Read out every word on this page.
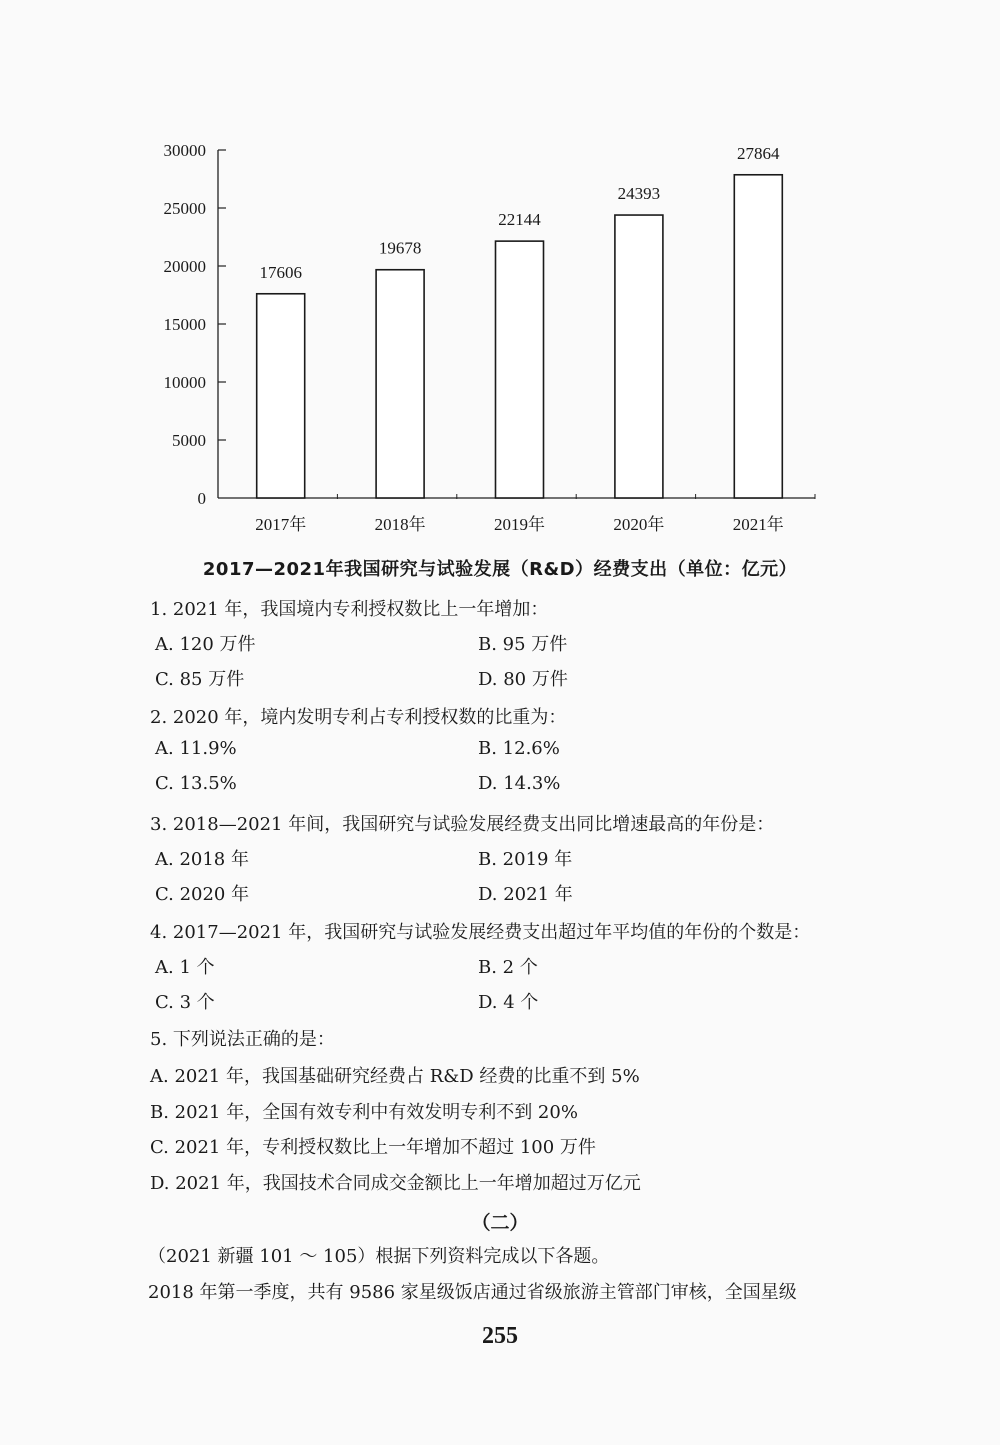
30000
25000
20000
15000
10000
5000
0
2017年	2018年	2019年	2020年	2021年
17606
19678
22144
24393
27864
2017—2021年我国研究与试验发展（R&D）经费支出（单位：亿元）
1. 2021 年，我国境内专利授权数比上一年增加：
A. 120 万件	B. 95 万件
C. 85 万件	D. 80 万件
2. 2020 年，境内发明专利占专利授权数的比重为：
A. 11.9%	B. 12.6%
C. 13.5%	D. 14.3%
3. 2018—2021 年间，我国研究与试验发展经费支出同比增速最高的年份是：
A. 2018 年	B. 2019 年
C. 2020 年	D. 2021 年
4. 2017—2021 年，我国研究与试验发展经费支出超过年平均值的年份的个数是：
A. 1 个	B. 2 个
C. 3 个	D. 4 个
5. 下列说法正确的是：
A. 2021 年，我国基础研究经费占 R&D 经费的比重不到 5%
B. 2021 年，全国有效专利中有效发明专利不到 20%
C. 2021 年，专利授权数比上一年增加不超过 100 万件
D. 2021 年，我国技术合同成交金额比上一年增加超过万亿元
（二）
（2021 新疆 101 ～ 105）根据下列资料完成以下各题。
2018 年第一季度，共有 9586 家星级饭店通过省级旅游主管部门审核，全国星级
255
